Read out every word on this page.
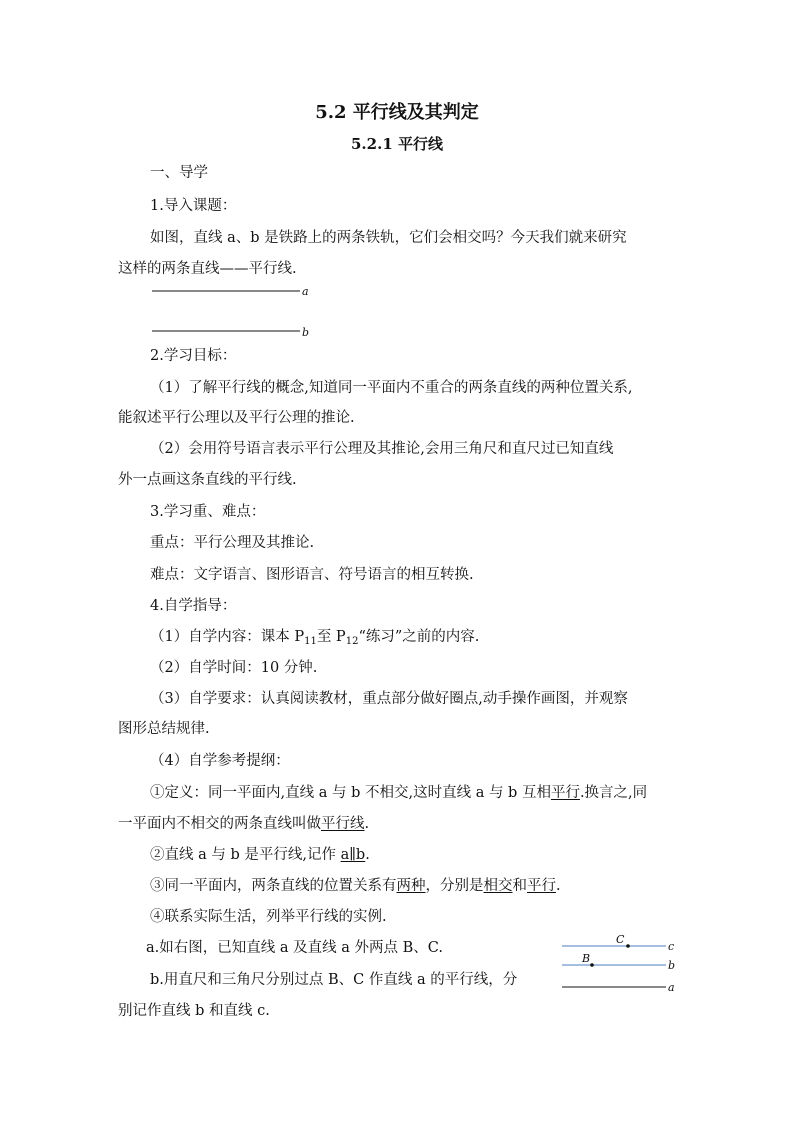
5.2 平行线及其判定
5.2.1 平行线
一、导学
1.导入课题：
如图，直线 a、b 是铁路上的两条铁轨，它们会相交吗？今天我们就来研究
这样的两条直线——平行线.
a
b
2.学习目标：
（1）了解平行线的概念,知道同一平面内不重合的两条直线的两种位置关系,
能叙述平行公理以及平行公理的推论.
（2）会用符号语言表示平行公理及其推论,会用三角尺和直尺过已知直线
外一点画这条直线的平行线.
3.学习重、难点：
重点：平行公理及其推论.
难点：文字语言、图形语言、符号语言的相互转换.
4.自学指导：
（1）自学内容：课本 $P_{11}$至 $P_{12}“$练习”之前的内容.
（2）自学时间：10 分钟.
（3）自学要求：认真阅读教材，重点部分做好圈点,动手操作画图，并观察
图形总结规律.
（4）自学参考提纲：
①定义：同一平面内,直线 a 与 b 不相交,这时直线 a 与 b 互相平行.换言之,同
一平面内不相交的两条直线叫做平行线.
②直线 a 与 b 是平行线,记作 a∥b.
③同一平面内，两条直线的位置关系有两种，分别是相交和平行.
④联系实际生活，列举平行线的实例.
a.如右图，已知直线 a 及直线 a 外两点 B、C.
b.用直尺和三角尺分别过点 B、C 作直线 a 的平行线，分
别记作直线 b 和直线 c.
c
b
a
C
B
